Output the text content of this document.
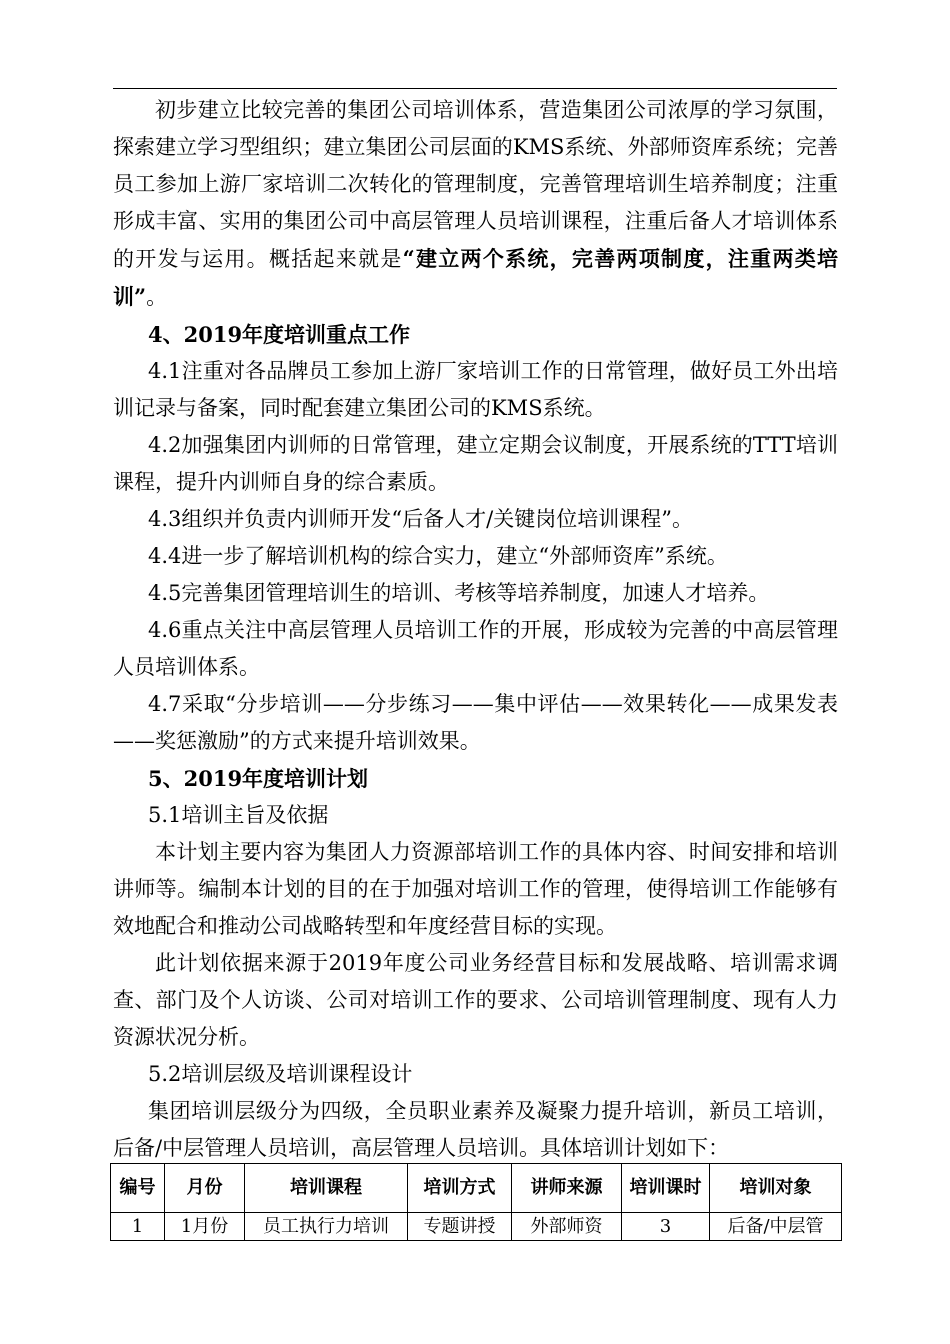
初步建立比较完善的集团公司培训体系，营造集团公司浓厚的学习氛围，探索建立学习型组织；建立集团公司层面的KMS系统、外部师资库系统；完善员工参加上游厂家培训二次转化的管理制度，完善管理培训生培养制度；注重形成丰富、实用的集团公司中高层管理人员培训课程，注重后备人才培训体系的开发与运用。概括起来就是“建立两个系统，完善两项制度，注重两类培训”。

4、2019年度培训重点工作

4.1注重对各品牌员工参加上游厂家培训工作的日常管理，做好员工外出培训记录与备案，同时配套建立集团公司的KMS系统。

4.2加强集团内训师的日常管理，建立定期会议制度，开展系统的TTT培训课程，提升内训师自身的综合素质。

4.3组织并负责内训师开发“后备人才/关键岗位培训课程”。

4.4进一步了解培训机构的综合实力，建立“外部师资库”系统。

4.5完善集团管理培训生的培训、考核等培养制度，加速人才培养。

4.6重点关注中高层管理人员培训工作的开展，形成较为完善的中高层管理人员培训体系。

4.7采取“分步培训——分步练习——集中评估——效果转化——成果发表——奖惩激励”的方式来提升培训效果。

5、2019年度培训计划

5.1培训主旨及依据

本计划主要内容为集团人力资源部培训工作的具体内容、时间安排和培训讲师等。编制本计划的目的在于加强对培训工作的管理，使得培训工作能够有效地配合和推动公司战略转型和年度经营目标的实现。

此计划依据来源于2019年度公司业务经营目标和发展战略、培训需求调查、部门及个人访谈、公司对培训工作的要求、公司培训管理制度、现有人力资源状况分析。

5.2培训层级及培训课程设计

集团培训层级分为四级，全员职业素养及凝聚力提升培训，新员工培训，后备/中层管理人员培训，高层管理人员培训。具体培训计划如下：

编号	月份	培训课程	培训方式	讲师来源	培训课时	培训对象
1	1月份	员工执行力培训	专题讲授	外部师资	3	后备/中层管
